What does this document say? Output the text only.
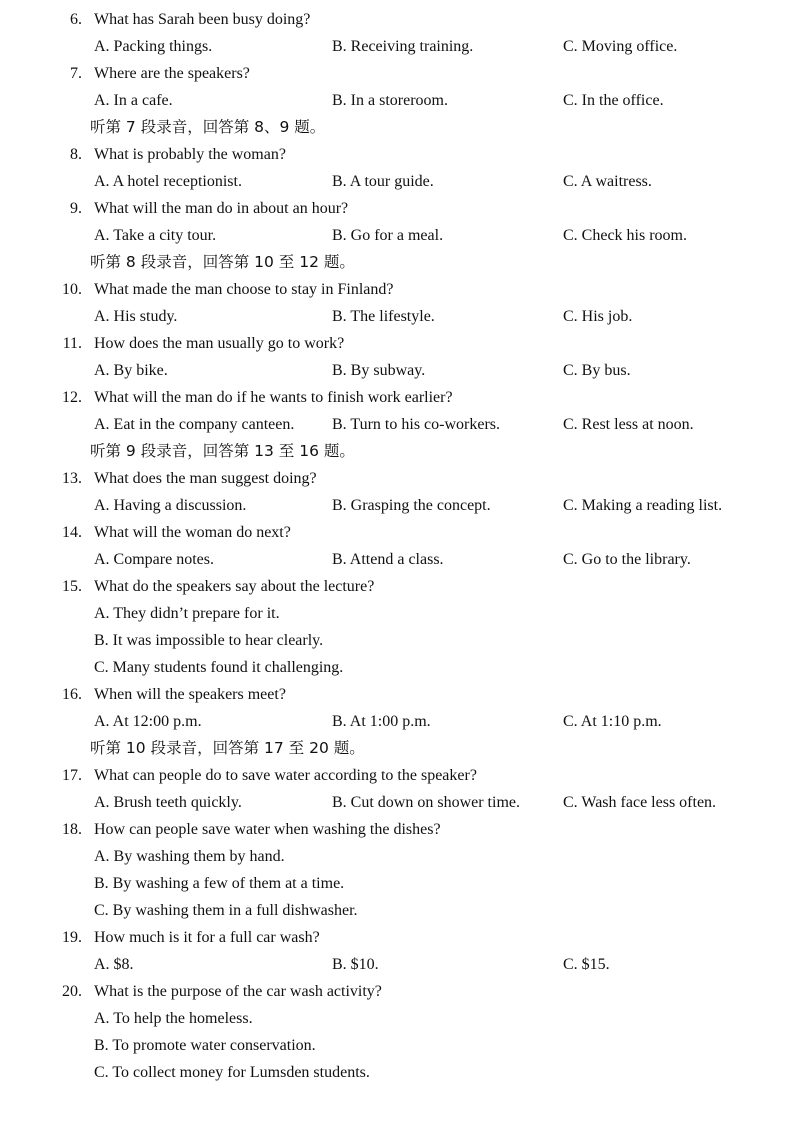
6. What has Sarah been busy doing?
A. Packing things.	B. Receiving training.	C. Moving office.
7. Where are the speakers?
A. In a cafe.	B. In a storeroom.	C. In the office.
听第 7 段录音，回答第 8、9 题。
8. What is probably the woman?
A. A hotel receptionist.	B. A tour guide.	C. A waitress.
9. What will the man do in about an hour?
A. Take a city tour.	B. Go for a meal.	C. Check his room.
听第 8 段录音，回答第 10 至 12 题。
10. What made the man choose to stay in Finland?
A. His study.	B. The lifestyle.	C. His job.
11. How does the man usually go to work?
A. By bike.	B. By subway.	C. By bus.
12. What will the man do if he wants to finish work earlier?
A. Eat in the company canteen. B. Turn to his co-workers.	C. Rest less at noon.
听第 9 段录音，回答第 13 至 16 题。
13. What does the man suggest doing?
A. Having a discussion.	B. Grasping the concept.	C. Making a reading list.
14. What will the woman do next?
A. Compare notes.	B. Attend a class.	C. Go to the library.
15. What do the speakers say about the lecture?
A. They didn’t prepare for it.
B. It was impossible to hear clearly.
C. Many students found it challenging.
16. When will the speakers meet?
A. At 12:00 p.m.	B. At 1:00 p.m.	C. At 1:10 p.m.
听第 10 段录音，回答第 17 至 20 题。
17. What can people do to save water according to the speaker?
A. Brush teeth quickly.	B. Cut down on shower time.	C. Wash face less often.
18. How can people save water when washing the dishes?
A. By washing them by hand.
B. By washing a few of them at a time.
C. By washing them in a full dishwasher.
19. How much is it for a full car wash?
A. $8.	B. $10.	C. $15.
20. What is the purpose of the car wash activity?
A. To help the homeless.
B. To promote water conservation.
C. To collect money for Lumsden students.
